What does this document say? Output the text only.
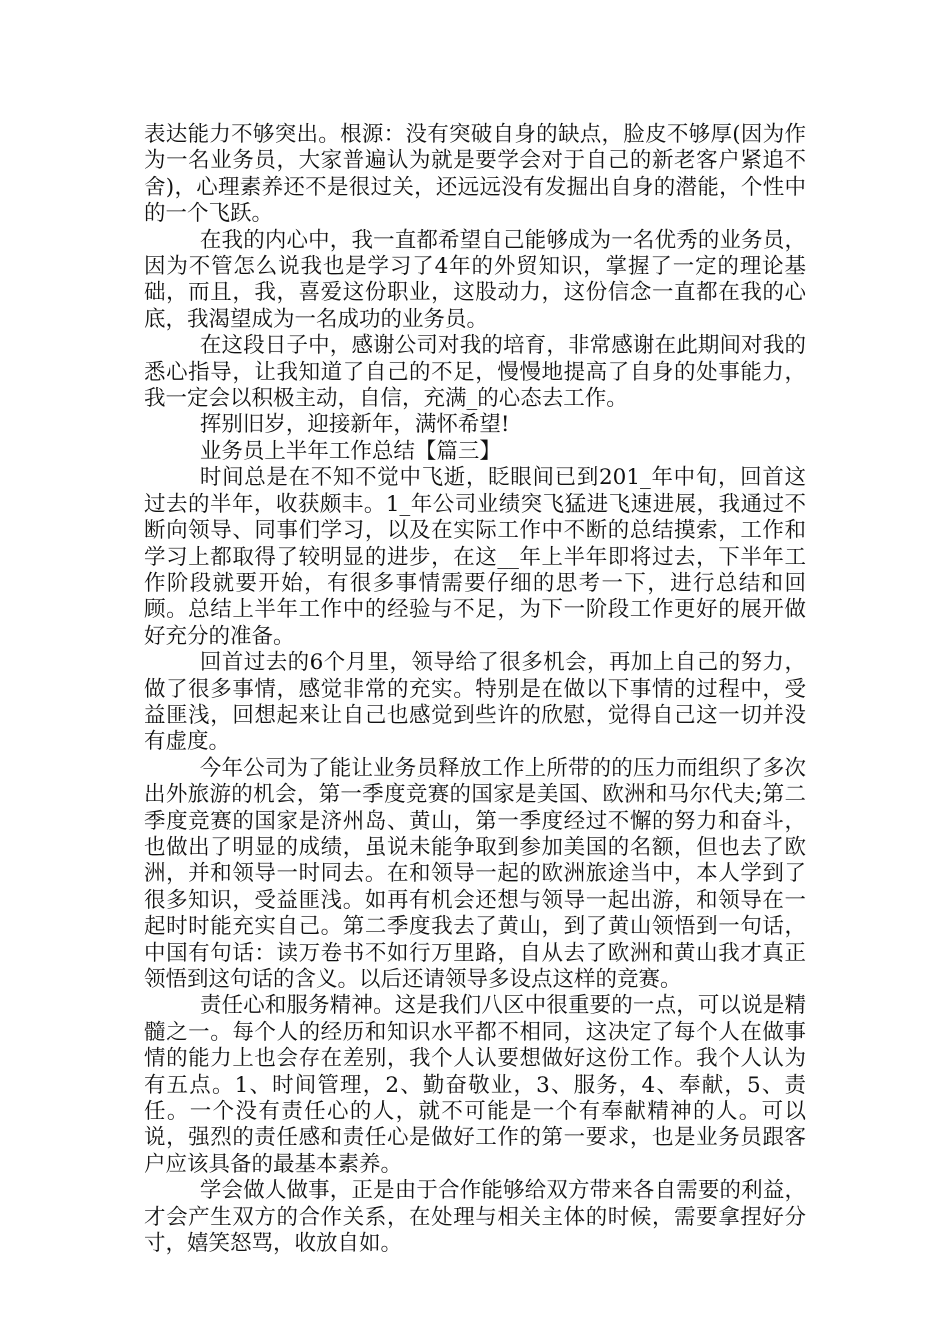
表达能力不够突出。根源：没有突破自身的缺点，脸皮不够厚(因为作为一名业务员，大家普遍认为就是要学会对于自己的新老客户紧追不舍)，心理素养还不是很过关，还远远没有发掘出自身的潜能，个性中的一个飞跃。

在我的内心中，我一直都希望自己能够成为一名优秀的业务员，因为不管怎么说我也是学习了4年的外贸知识，掌握了一定的理论基础，而且，我，喜爱这份职业，这股动力，这份信念一直都在我的心底，我渴望成为一名成功的业务员。

在这段日子中，感谢公司对我的培育，非常感谢在此期间对我的悉心指导，让我知道了自己的不足，慢慢地提高了自身的处事能力，我一定会以积极主动，自信，充满_的心态去工作。

挥别旧岁，迎接新年，满怀希望!

业务员上半年工作总结【篇三】

时间总是在不知不觉中飞逝，眨眼间已到201_年中旬，回首这过去的半年，收获颇丰。1_年公司业绩突飞猛进飞速进展，我通过不断向领导、同事们学习，以及在实际工作中不断的总结摸索，工作和学习上都取得了较明显的进步，在这__年上半年即将过去，下半年工作阶段就要开始，有很多事情需要仔细的思考一下，进行总结和回顾。总结上半年工作中的经验与不足，为下一阶段工作更好的展开做好充分的准备。

回首过去的6个月里，领导给了很多机会，再加上自己的努力，做了很多事情，感觉非常的充实。特别是在做以下事情的过程中，受益匪浅，回想起来让自己也感觉到些许的欣慰，觉得自己这一切并没有虚度。

今年公司为了能让业务员释放工作上所带的的压力而组织了多次出外旅游的机会，第一季度竞赛的国家是美国、欧洲和马尔代夫;第二季度竞赛的国家是济州岛、黄山，第一季度经过不懈的努力和奋斗，也做出了明显的成绩，虽说未能争取到参加美国的名额，但也去了欧洲，并和领导一时同去。在和领导一起的欧洲旅途当中，本人学到了很多知识，受益匪浅。如再有机会还想与领导一起出游，和领导在一起时时能充实自己。第二季度我去了黄山，到了黄山领悟到一句话，中国有句话：读万卷书不如行万里路，自从去了欧洲和黄山我才真正领悟到这句话的含义。以后还请领导多设点这样的竞赛。

责任心和服务精神。这是我们八区中很重要的一点，可以说是精髓之一。每个人的经历和知识水平都不相同，这决定了每个人在做事情的能力上也会存在差别，我个人认要想做好这份工作。我个人认为有五点。1、时间管理，2、勤奋敬业，3、服务，4、奉献，5、责任。一个没有责任心的人，就不可能是一个有奉献精神的人。可以说，强烈的责任感和责任心是做好工作的第一要求，也是业务员跟客户应该具备的最基本素养。

学会做人做事，正是由于合作能够给双方带来各自需要的利益，才会产生双方的合作关系，在处理与相关主体的时候，需要拿捏好分寸，嬉笑怒骂，收放自如。
